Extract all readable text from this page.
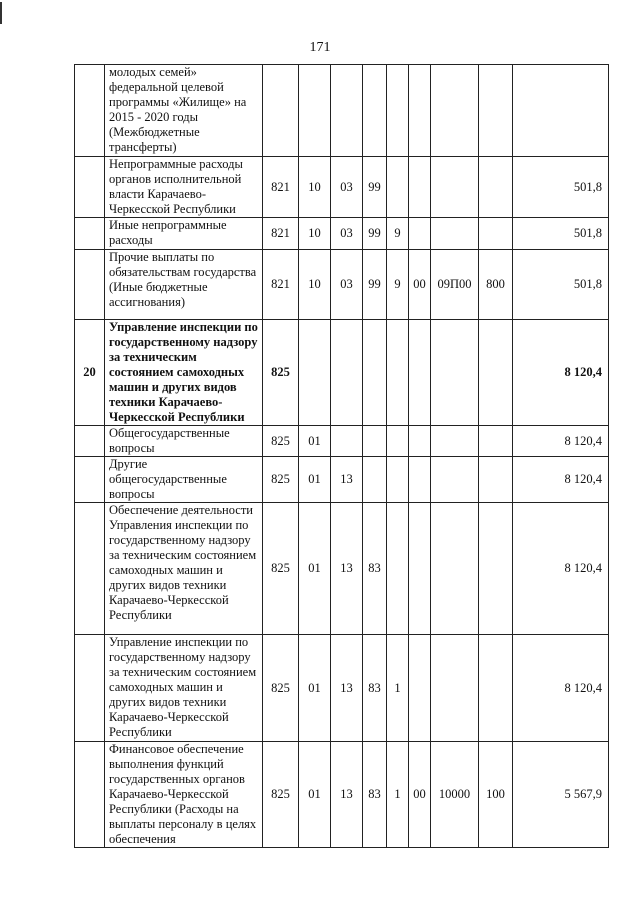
171
	молодых семей» федеральной целевой программы «Жилище» на 2015 - 2020 годы (Межбюджетные трансферты)									
	Непрограммные расходы органов исполнительной власти Карачаево-Черкесской Республики	821	10	03	99					501,8
	Иные непрограммные расходы	821	10	03	99	9				501,8
	Прочие выплаты по обязательствам государства (Иные бюджетные ассигнования)	821	10	03	99	9	00	09П00	800	501,8
20	Управление инспекции по государственному надзору за техническим состоянием самоходных машин и других видов техники Карачаево-Черкесской Республики	825								8 120,4
	Общегосударственные вопросы	825	01							8 120,4
	Другие общегосударственные вопросы	825	01	13						8 120,4
	Обеспечение деятельности Управления инспекции по государственному надзору за техническим состоянием самоходных машин и других видов техники Карачаево-Черкесской Республики	825	01	13	83					8 120,4
	Управление инспекции по государственному надзору за техническим состоянием самоходных машин и других видов техники Карачаево-Черкесской Республики	825	01	13	83	1				8 120,4
	Финансовое обеспечение выполнения функций государственных органов Карачаево-Черкесской Республики (Расходы на выплаты персоналу в целях обеспечения	825	01	13	83	1	00	10000	100	5 567,9
